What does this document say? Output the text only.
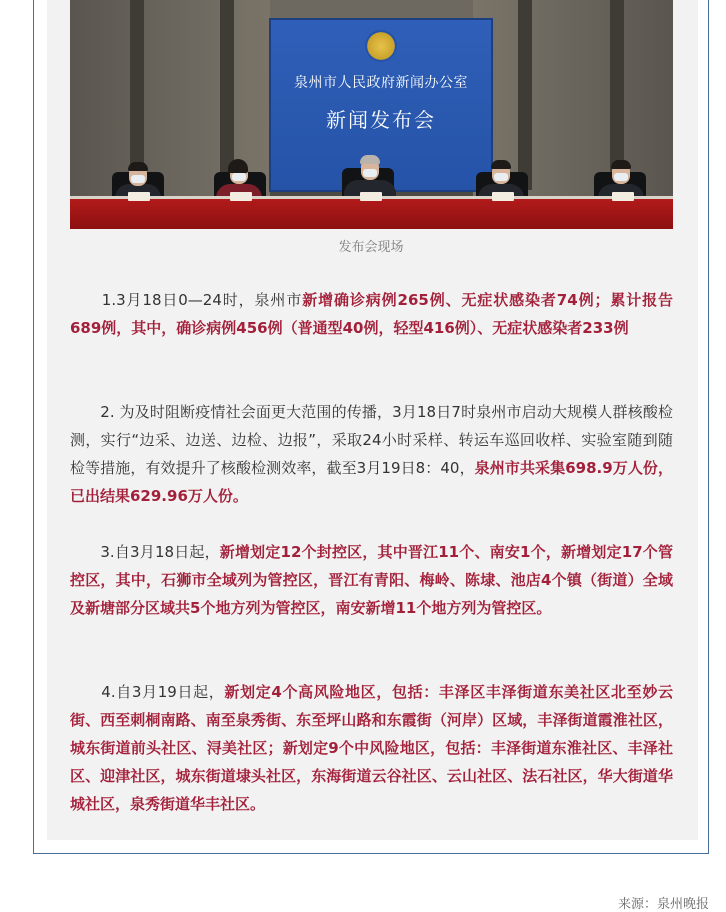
泉州市人民政府新闻办公室
新闻发布会
发布会现场

　　1.3月18日0—24时，泉州市新增确诊病例265例、无症状感染者74例；累计报告689例，其中，确诊病例456例（普通型40例，轻型416例）、无症状感染者233例

　　2. 为及时阻断疫情社会面更大范围的传播，3月18日7时泉州市启动大规模人群核酸检测，实行“边采、边送、边检、边报”，采取24小时采样、转运车巡回收样、实验室随到随检等措施，有效提升了核酸检测效率，截至3月19日8：40，泉州市共采集698.9万人份，已出结果629.96万人份。

　　3.自3月18日起，新增划定12个封控区，其中晋江11个、南安1个，新增划定17个管控区，其中，石狮市全域列为管控区，晋江有青阳、梅岭、陈埭、池店4个镇（街道）全域及新塘部分区域共5个地方列为管控区，南安新增11个地方列为管控区。

　　4.自3月19日起，新划定4个高风险地区，包括：丰泽区丰泽街道东美社区北至妙云街、西至刺桐南路、南至泉秀街、东至坪山路和东霞街（河岸）区域，丰泽街道霞淮社区，城东街道前头社区、浔美社区；新划定9个中风险地区，包括：丰泽街道东淮社区、丰泽社区、迎津社区，城东街道埭头社区，东海街道云谷社区、云山社区、法石社区，华大街道华城社区，泉秀街道华丰社区。

来源：泉州晚报
